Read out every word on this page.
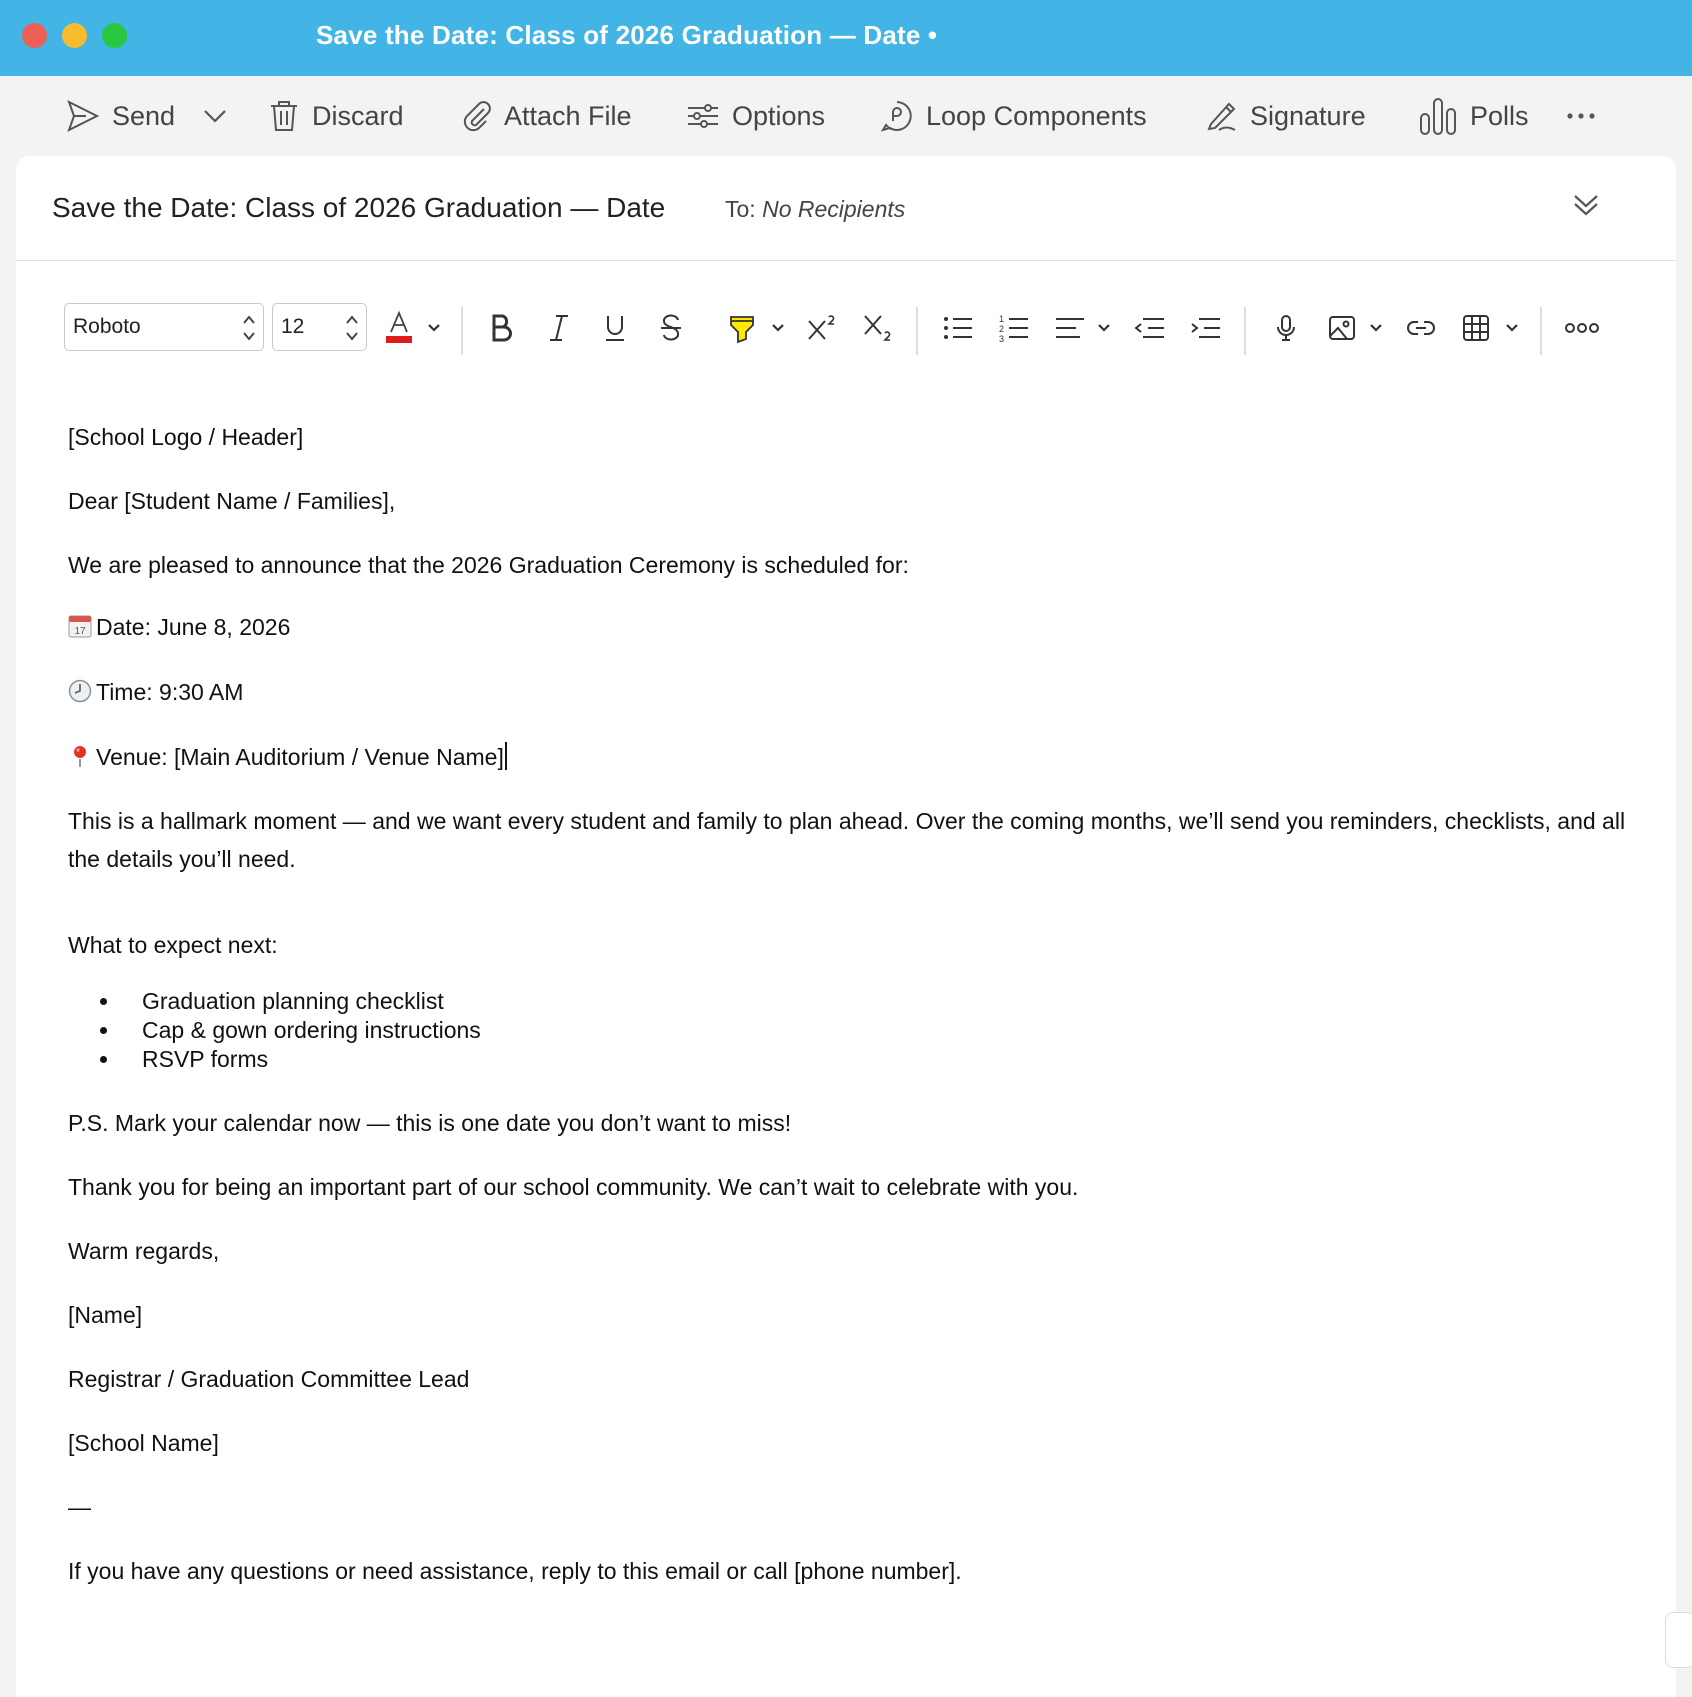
Save the Date: Class of 2026 Graduation — Date •
Send	Discard	Attach File	Options	Loop Components	Signature	Polls
Save the Date: Class of 2026 Graduation — Date	To: No Recipients
Roboto	12	1
2
3
[School Logo / Header]
Dear [Student Name / Families],
We are pleased to announce that the 2026 Graduation Ceremony is scheduled for:
17 Date: June 8, 2026
Time: 9:30 AM
Venue: [Main Auditorium / Venue Name]
This is a hallmark moment — and we want every student and family to plan ahead. Over the coming months, we’ll send you reminders, checklists, and all the details you’ll need.
What to expect next:
Graduation planning checklist
Cap & gown ordering instructions
RSVP forms
P.S. Mark your calendar now — this is one date you don’t want to miss!
Thank you for being an important part of our school community. We can’t wait to celebrate with you.
Warm regards,
[Name]
Registrar / Graduation Committee Lead
[School Name]
—
If you have any questions or need assistance, reply to this email or call [phone number].
